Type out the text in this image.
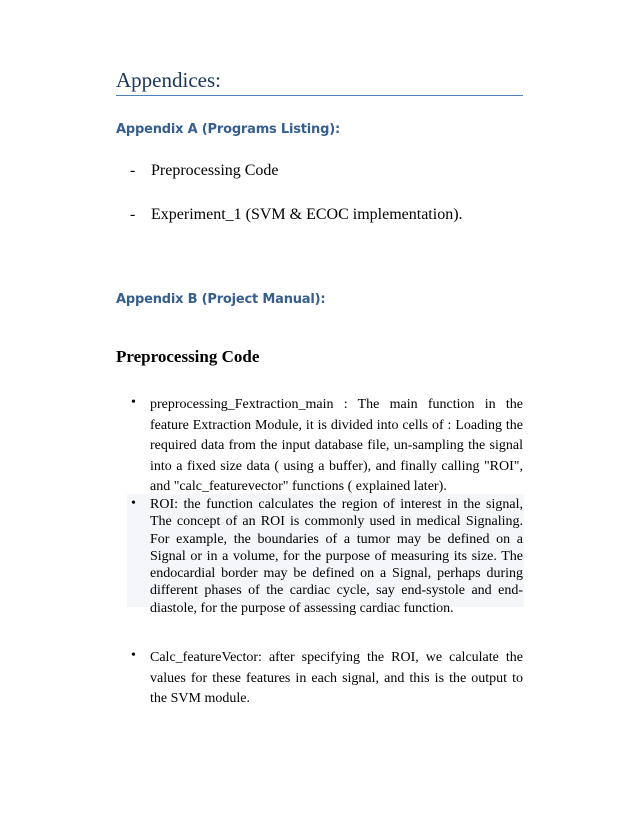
Appendices:
Appendix A (Programs Listing):
- Preprocessing Code
- Experiment_1 (SVM & ECOC implementation).
Appendix B (Project Manual):
Preprocessing Code
•	preprocessing_Fextraction_main : The main function in the feature Extraction Module, it is divided into cells of : Loading the required data from the input database file, un-sampling the signal into a fixed size data ( using a buffer), and finally calling "ROI", and "calc_featurevector" functions ( explained later).
•	ROI: the function calculates the region of interest in the signal, The concept of an ROI is commonly used in medical Signaling. For example, the boundaries of a tumor may be defined on a Signal or in a volume, for the purpose of measuring its size. The endocardial border may be defined on a Signal, perhaps during different phases of the cardiac cycle, say end-systole and end-diastole, for the purpose of assessing cardiac function.
•	Calc_featureVector: after specifying the ROI, we calculate the values for these features in each signal, and this is the output to the SVM module.
